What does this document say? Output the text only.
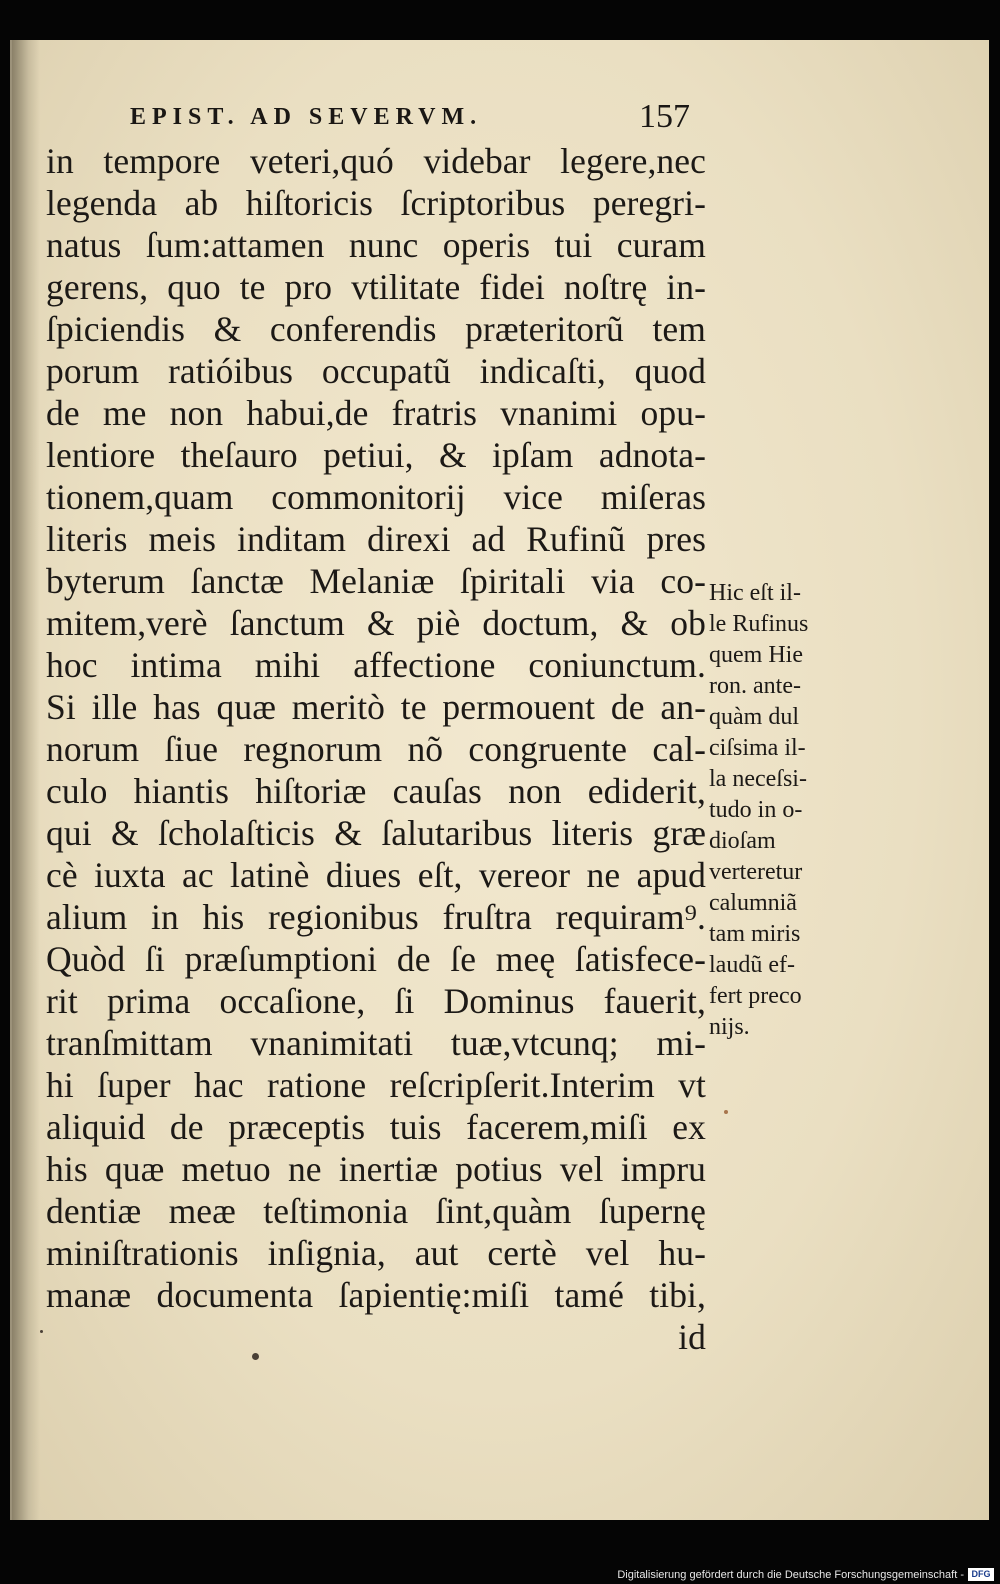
EPIST. AD SEVERVM.	157
in tempore veteri,quó videbar legere,nec
legenda ab hiſtoricis ſcriptoribus peregri-
natus ſum:attamen nunc operis tui curam
gerens, quo te pro vtilitate fidei noſtrę in-
ſpiciendis & conferendis præteritorũ tem
porum ratióibus occupatũ indicaſti, quod
de me non habui,de fratris vnanimi opu-
lentiore theſauro petiui, & ipſam adnota-
tionem,quam commonitorij vice miſeras
literis meis inditam direxi ad Rufinũ pres
byterum ſanctæ Melaniæ ſpiritali via co-
mitem,verè ſanctum & piè doctum, & ob
hoc intima mihi affectione coniunctum.
Si ille has quæ meritò te permouent de an-
norum ſiue regnorum nõ congruente cal-
culo hiantis hiſtoriæ cauſas non ediderit,
qui & ſcholaſticis & ſalutaribus literis græ
cè iuxta ac latinè diues eſt, vereor ne apud
alium in his regionibus fruſtra requiram⁹.
Quòd ſi præſumptioni de ſe meę ſatisfece-
rit prima occaſione, ſi Dominus fauerit,
tranſmittam vnanimitati tuæ,vtcunq; mi-
hi ſuper hac ratione reſcripſerit.Interim vt
aliquid de præceptis tuis facerem,miſi ex
his quæ metuo ne inertiæ potius vel impru
dentiæ meæ teſtimonia ſint,quàm ſupernę
miniſtrationis inſignia, aut certè vel hu-
manæ documenta ſapientię:miſi tamé tibi,
id
Hic eſt il-
le Rufinus
quem Hie
ron. ante-
quàm dul
ciſsima il-
la neceſsi-
tudo in o-
dioſam
verteretur
calumniã
tam miris
laudũ ef-
fert preco
nijs.
Digitalisierung gefördert durch die Deutsche Forschungsgemeinschaft - DFG
